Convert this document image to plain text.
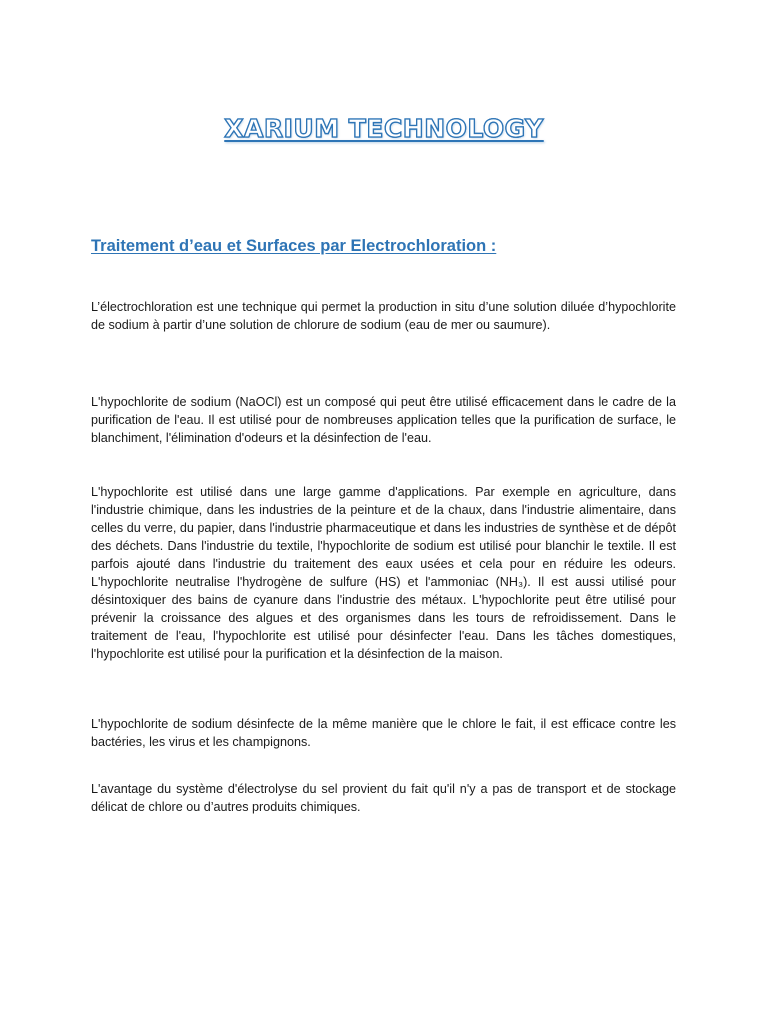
XARIUM TECHNOLOGY
Traitement d’eau et Surfaces par Electrochloration :

L’électrochloration est une technique qui permet la production in situ d’une solution diluée d’hypochlorite de sodium à partir d’une solution de chlorure de sodium (eau de mer ou saumure).

L'hypochlorite de sodium (NaOCl) est un composé qui peut être utilisé efficacement dans le cadre de la purification de l'eau. Il est utilisé pour de nombreuses application telles que la purification de surface, le blanchiment, l'élimination d'odeurs et la désinfection de l'eau.

L'hypochlorite est utilisé dans une large gamme d'applications. Par exemple en agriculture, dans l'industrie chimique, dans les industries de la peinture et de la chaux, dans l'industrie alimentaire, dans celles du verre, du papier, dans l'industrie pharmaceutique et dans les industries de synthèse et de dépôt des déchets. Dans l'industrie du textile, l'hypochlorite de sodium est utilisé pour blanchir le textile. Il est parfois ajouté dans l'industrie du traitement des eaux usées et cela pour en réduire les odeurs. L'hypochlorite neutralise l'hydrogène de sulfure (HS) et l'ammoniac (NH₃). Il est aussi utilisé pour désintoxiquer des bains de cyanure dans l'industrie des métaux. L'hypochlorite peut être utilisé pour prévenir la croissance des algues et des organismes dans les tours de refroidissement. Dans le traitement de l'eau, l'hypochlorite est utilisé pour désinfecter l'eau. Dans les tâches domestiques, l'hypochlorite est utilisé pour la purification et la désinfection de la maison.

L'hypochlorite de sodium désinfecte de la même manière que le chlore le fait, il est efficace contre les bactéries, les virus et les champignons.

L'avantage du système d'électrolyse du sel provient du fait qu'il n'y a pas de transport et de stockage délicat de chlore ou d’autres produits chimiques.
